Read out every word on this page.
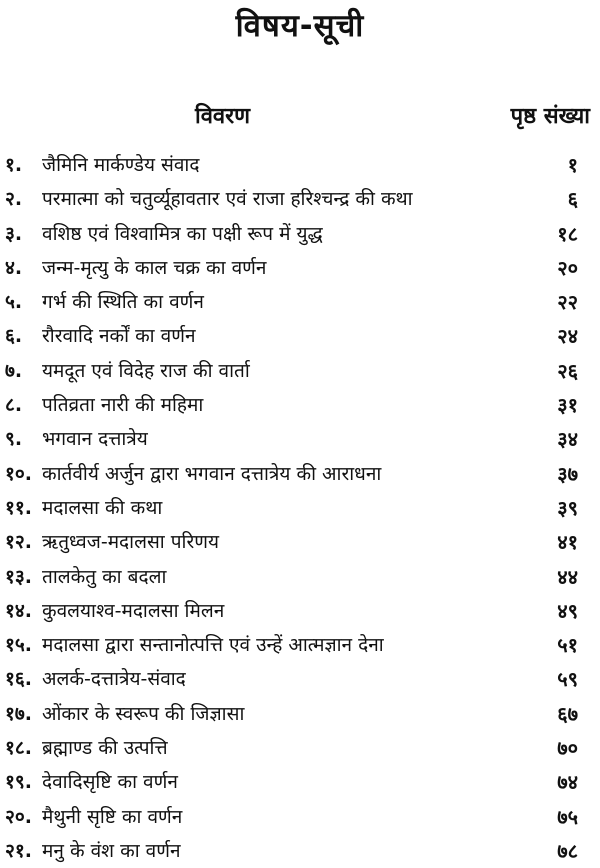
विषय-सूची
विवरण	पृष्ठ संख्या
१. जैमिनि मार्कण्डेय संवाद	१
२. परमात्मा को चतुर्व्यूहावतार एवं राजा हरिश्चन्द्र की कथा	६
३. वशिष्ठ एवं विश्वामित्र का पक्षी रूप में युद्ध	१८
४. जन्म-मृत्यु के काल चक्र का वर्णन	२०
५. गर्भ की स्थिति का वर्णन	२२
६. रौरवादि नर्कों का वर्णन	२४
७. यमदूत एवं विदेह राज की वार्ता	२६
८. पतिव्रता नारी की महिमा	३१
९. भगवान दत्तात्रेय	३४
१०. कार्तवीर्य अर्जुन द्वारा भगवान दत्तात्रेय की आराधना	३७
११. मदालसा की कथा	३९
१२. ऋतुध्वज-मदालसा परिणय	४१
१३. तालकेतु का बदला	४४
१४. कुवलयाश्व-मदालसा मिलन	४९
१५. मदालसा द्वारा सन्तानोत्पत्ति एवं उन्हें आत्मज्ञान देना	५१
१६. अलर्क-दत्तात्रेय-संवाद	५९
१७. ओंकार के स्वरूप की जिज्ञासा	६७
१८. ब्रह्माण्ड की उत्पत्ति	७०
१९. देवादिसृष्टि का वर्णन	७४
२०. मैथुनी सृष्टि का वर्णन	७५
२१. मनु के वंश का वर्णन	७८
